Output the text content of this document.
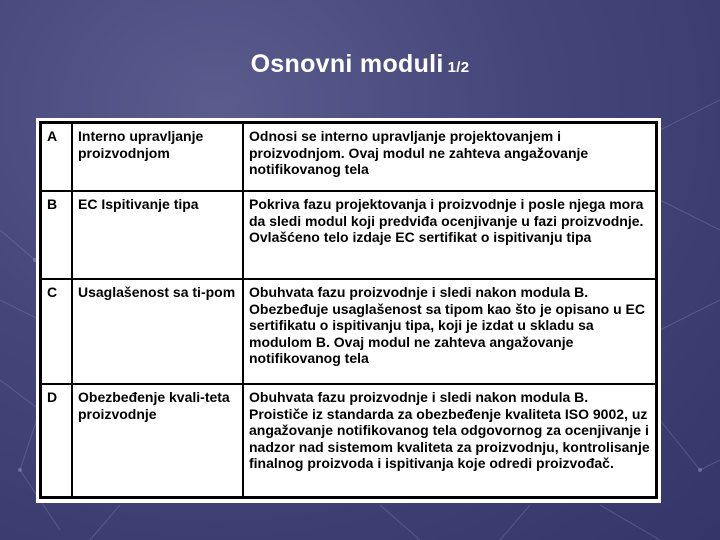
Osnovni moduli 1/2
A	Interno upravljanje proizvodnjom	Odnosi se interno upravljanje projektovanjem i proizvodnjom. Ovaj modul ne zahteva angažovanje notifikovanog tela
B	EC Ispitivanje tipa	Pokriva fazu projektovanja i proizvodnje i posle njega mora da sledi modul koji predviđa ocenjivanje u fazi proizvodnje. Ovlašćeno telo izdaje EC sertifikat o ispitivanju tipa
C	Usaglašenost sa ti-pom	Obuhvata fazu proizvodnje i sledi nakon modula B. Obezbeđuje usaglašenost sa tipom kao što je opisano u EC sertifikatu o ispitivanju tipa, koji je izdat u skladu sa modulom B. Ovaj modul ne zahteva angažovanje notifikovanog tela
D	Obezbeđenje kvali-teta proizvodnje	Obuhvata fazu proizvodnje i sledi nakon modula B. Proističe iz standarda za obezbeđenje kvaliteta ISO 9002, uz angažovanje notifikovanog tela odgovornog za ocenjivanje i nadzor nad sistemom kvaliteta za proizvodnju, kontrolisanje finalnog proizvoda i ispitivanja koje odredi proizvođač.
